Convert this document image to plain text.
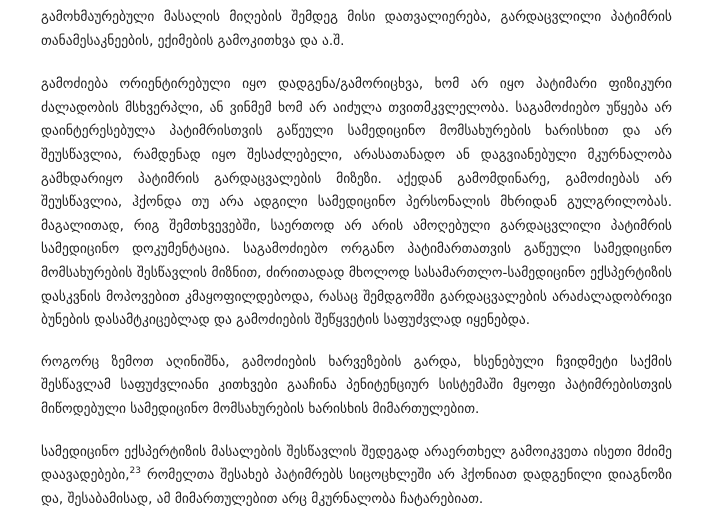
გამოხმაურებული მასალის მიღების შემდეგ მისი დათვალიერება, გარდაცვლილი პატიმრის თანამესაკნეების, ექიმების გამოკითხვა და ა.შ.

გამოძიება ორიენტირებული იყო დადგენა/გამორიცხვა, ხომ არ იყო პატიმარი ფიზიკური ძალადობის მსხვერპლი, ან ვინმემ ხომ არ აიძულა თვითმკვლელობა. საგამოძიებო უწყება არ დაინტერესებულა პატიმრისთვის გაწეული სამედიცინო მომსახურების ხარისხით და არ შეუსწავლია, რამდენად იყო შესაძლებელი, არასათანადო ან დაგვიანებული მკურნალობა გამხდარიყო პატიმრის გარდაცვალების მიზეზი. აქედან გამომდინარე, გამოძიებას არ შეუსწავლია, ჰქონდა თუ არა ადგილი სამედიცინო პერსონალის მხრიდან გულგრილობას. მაგალითად, რიგ შემთხვევებში, საერთოდ არ არის ამოღებული გარდაცვლილი პატიმრის სამედიცინო დოკუმენტაცია. საგამოძიებო ორგანო პატიმართათვის გაწეული სამედიცინო მომსახურების შესწავლის მიზნით, ძირითადად მხოლოდ სასამართლო-სამედიცინო ექსპერტიზის დასკვნის მოპოვებით კმაყოფილდებოდა, რასაც შემდგომში გარდაცვალების არაძალადობრივი ბუნების დასამტკიცებლად და გამოძიების შეწყვეტის საფუძვლად იყენებდა.

როგორც ზემოთ აღინიშნა, გამოძიების ხარვეზების გარდა, ხსენებული ჩვიდმეტი საქმის შესწავლამ საფუძვლიანი კითხვები გააჩინა პენიტენციურ სისტემაში მყოფი პატიმრებისთვის მიწოდებული სამედიცინო მომსახურების ხარისხის მიმართულებით.

სამედიცინო ექსპერტიზის მასალების შესწავლის შედეგად არაერთხელ გამოიკვეთა ისეთი მძიმე დაავადებები,$^{23}$ რომელთა შესახებ პატიმრებს სიცოცხლეში არ ჰქონიათ დადგენილი დიაგნოზი და, შესაბამისად, ამ მიმართულებით არც მკურნალობა ჩატარებიათ.
